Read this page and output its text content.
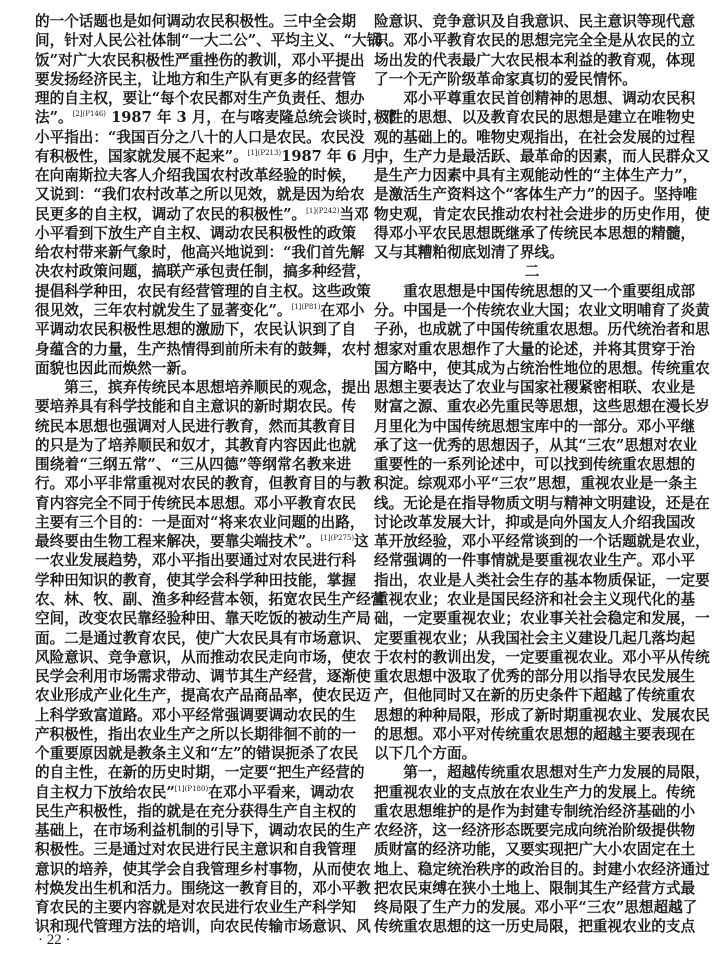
的一个话题也是如何调动农民积极性。三中全会期
间，针对人民公社体制“一大二公”、平均主义、“大锅
饭”对广大农民积极性严重挫伤的教训，邓小平提出
要发扬经济民主，让地方和生产队有更多的经营管
理的自主权，要让“每个农民都对生产负责任、想办
法”。$^{[2](P146)}$ 1987 年 3 月，在与喀麦隆总统会谈时，邓
小平指出：“我国百分之八十的人口是农民。农民没
有积极性，国家就发展不起来”。$^{[1](P213)}$1987 年 6 月，
在向南斯拉夫客人介绍我国农村改革经验的时候，
又说到：“我们农村改革之所以见效，就是因为给农
民更多的自主权，调动了农民的积极性”。$^{[1](P242)}$当邓
小平看到下放生产自主权、调动农民积极性的政策
给农村带来新气象时，他高兴地说到：“我们首先解
决农村政策问题，搞联产承包责任制，搞多种经营，
提倡科学种田，农民有经营管理的自主权。这些政策
很见效，三年农村就发生了显著变化”。$^{[1](P81)}$在邓小
平调动农民积极性思想的激励下，农民认识到了自
身蕴含的力量，生产热情得到前所未有的鼓舞，农村
面貌也因此而焕然一新。
第三，摈弃传统民本思想培养顺民的观念，提出
要培养具有科学技能和自主意识的新时期农民。传
统民本思想也强调对人民进行教育，然而其教育目
的只是为了培养顺民和奴才，其教育内容因此也就
围绕着“三纲五常”、“三从四德”等纲常名教来进
行。邓小平非常重视对农民的教育，但教育目的与教
育内容完全不同于传统民本思想。邓小平教育农民
主要有三个目的：一是面对“将来农业问题的出路，
最终要由生物工程来解决，要靠尖端技术”。$^{[1](P275)}$这
一农业发展趋势，邓小平指出要通过对农民进行科
学种田知识的教育，使其学会科学种田技能，掌握
农、林、牧、副、渔多种经营本领，拓宽农民生产经营
空间，改变农民靠经验种田、靠天吃饭的被动生产局
面。二是通过教育农民，使广大农民具有市场意识、
风险意识、竞争意识，从而推动农民走向市场，使农
民学会利用市场需求带动、调节其生产经营，逐渐使
农业形成产业化生产，提高农产品商品率，使农民迈
上科学致富道路。邓小平经常强调要调动农民的生
产积极性，指出农业生产之所以长期徘徊不前的一
个重要原因就是教条主义和“左”的错误扼杀了农民
的自主性，在新的历史时期，一定要“把生产经营的
自主权力下放给农民”$^{[1](P180)}$在邓小平看来，调动农
民生产积极性，指的就是在充分获得生产自主权的
基础上，在市场利益机制的引导下，调动农民的生产
积极性。三是通过对农民进行民主意识和自我管理
意识的培养，使其学会自我管理乡村事物，从而使农
村焕发出生机和活力。围绕这一教育目的，邓小平教
育农民的主要内容就是对农民进行农业生产科学知
识和现代管理方法的培训，向农民传输市场意识、风
险意识、竞争意识及自我意识、民主意识等现代意
识。邓小平教育农民的思想完完全全是从农民的立
场出发的代表最广大农民根本利益的教育观，体现
了一个无产阶级革命家真切的爱民情怀。
邓小平尊重农民首创精神的思想、调动农民积
极性的思想、以及教育农民的思想是建立在唯物史
观的基础上的。唯物史观指出，在社会发展的过程
中，生产力是最活跃、最革命的因素，而人民群众又
是生产力因素中具有主观能动性的“主体生产力”，
是激活生产资料这个“客体生产力”的因子。坚持唯
物史观，肯定农民推动农村社会进步的历史作用，使
得邓小平农民思想既继承了传统民本思想的精髓，
又与其糟粕彻底划清了界线。
二
重农思想是中国传统思想的又一个重要组成部
分。中国是一个传统农业大国；农业文明哺育了炎黄
子孙，也成就了中国传统重农思想。历代统治者和思
想家对重农思想作了大量的论述，并将其贯穿于治
国方略中，使其成为占统治性地位的思想。传统重农
思想主要表达了农业与国家社稷紧密相联、农业是
财富之源、重农必先重民等思想，这些思想在漫长岁
月里化为中国传统思想宝库中的一部分。邓小平继
承了这一优秀的思想因子，从其“三农”思想对农业
重要性的一系列论述中，可以找到传统重农思想的
积淀。综观邓小平“三农”思想，重视农业是一条主
线。无论是在指导物质文明与精神文明建设，还是在
讨论改革发展大计，抑或是向外国友人介绍我国改
革开放经验，邓小平经常谈到的一个话题就是农业，
经常强调的一件事情就是要重视农业生产。邓小平
指出，农业是人类社会生存的基本物质保证，一定要
重视农业；农业是国民经济和社会主义现代化的基
础，一定要重视农业；农业事关社会稳定和发展，一
定要重视农业；从我国社会主义建设几起几落均起
于农村的教训出发，一定要重视农业。邓小平从传统
重农思想中汲取了优秀的部分用以指导农民发展生
产，但他同时又在新的历史条件下超越了传统重农
思想的种种局限，形成了新时期重视农业、发展农民
的思想。邓小平对传统重农思想的超越主要表现在
以下几个方面。
第一，超越传统重农思想对生产力发展的局限，
把重视农业的支点放在农业生产力的发展上。传统
重农思想维护的是作为封建专制统治经济基础的小
农经济，这一经济形态既要完成向统治阶级提供物
质财富的经济功能，又要实现把广大小农固定在土
地上、稳定统治秩序的政治目的。封建小农经济通过
把农民束缚在狭小土地上、限制其生产经营方式最
终局限了生产力的发展。邓小平“三农”思想超越了
传统重农思想的这一历史局限，把重视农业的支点
· 22 ·
